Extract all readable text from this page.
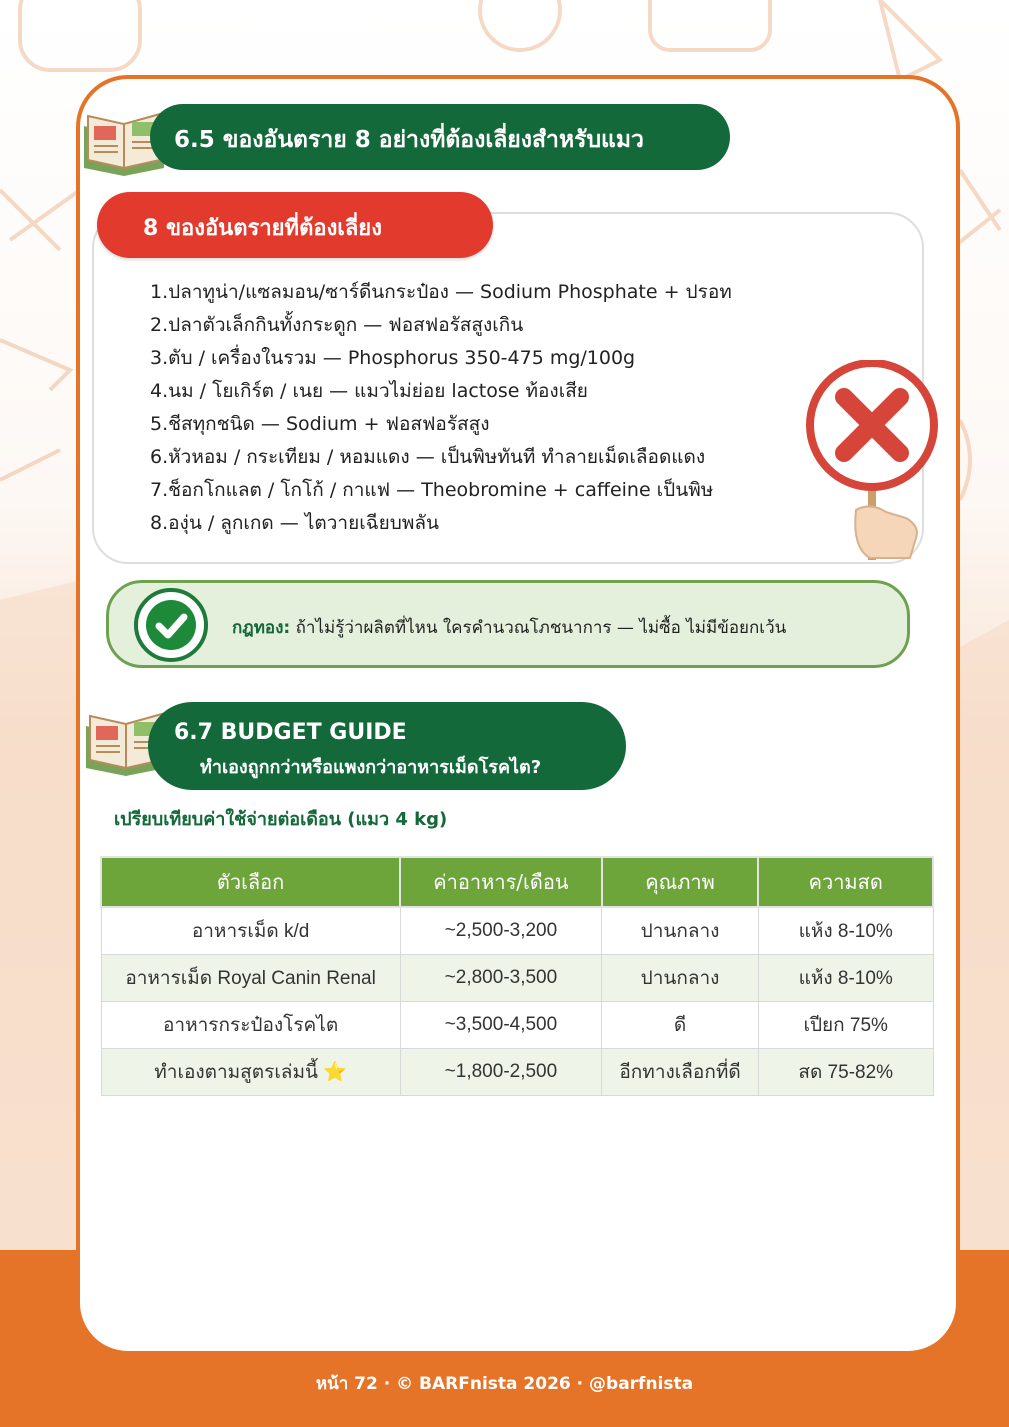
6.5 ของอันตราย 8 อย่างที่ต้องเลี่ยงสำหรับแมว
8 ของอันตรายที่ต้องเลี่ยง
1.ปลาทูน่า/แซลมอน/ซาร์ดีนกระป๋อง — Sodium Phosphate + ปรอท
2.ปลาตัวเล็กกินทั้งกระดูก — ฟอสฟอรัสสูงเกิน
3.ตับ / เครื่องในรวม — Phosphorus 350-475 mg/100g
4.นม / โยเกิร์ต / เนย — แมวไม่ย่อย lactose ท้องเสีย
5.ชีสทุกชนิด — Sodium + ฟอสฟอรัสสูง
6.หัวหอม / กระเทียม / หอมแดง — เป็นพิษทันที ทำลายเม็ดเลือดแดง
7.ช็อกโกแลต / โกโก้ / กาแฟ — Theobromine + caffeine เป็นพิษ
8.องุ่น / ลูกเกด — ไตวายเฉียบพลัน
กฎทอง: ถ้าไม่รู้ว่าผลิตที่ไหน ใครคำนวณโภชนาการ — ไม่ซื้อ ไม่มีข้อยกเว้น
6.7 BUDGET GUIDE
ทำเองถูกกว่าหรือแพงกว่าอาหารเม็ดโรคไต?
เปรียบเทียบค่าใช้จ่ายต่อเดือน (แมว 4 kg)
ตัวเลือก	ค่าอาหาร/เดือน	คุณภาพ	ความสด
อาหารเม็ด k/d	~2,500-3,200	ปานกลาง	แห้ง 8-10%
อาหารเม็ด Royal Canin Renal	~2,800-3,500	ปานกลาง	แห้ง 8-10%
อาหารกระป๋องโรคไต	~3,500-4,500	ดี	เปียก 75%
ทำเองตามสูตรเล่มนี้ ⭐	~1,800-2,500	อีกทางเลือกที่ดี	สด 75-82%
หน้า 72 · © BARFnista 2026 · @barfnista
